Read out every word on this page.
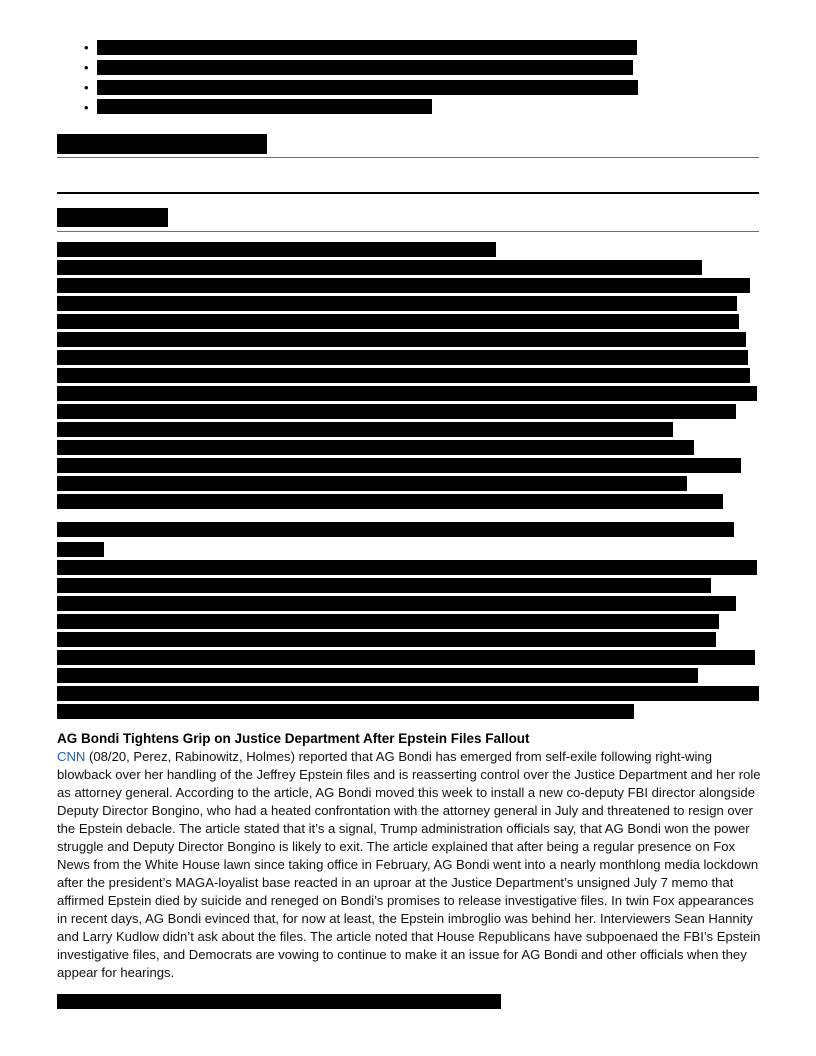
•
•
•
•
AG Bondi Tightens Grip on Justice Department After Epstein Files Fallout

CNN (08/20, Perez, Rabinowitz, Holmes) reported that AG Bondi has emerged from self-exile following right-wing blowback over her handling of the Jeffrey Epstein files and is reasserting control over the Justice Department and her role as attorney general. According to the article, AG Bondi moved this week to install a new co-deputy FBI director alongside Deputy Director Bongino, who had a heated confrontation with the attorney general in July and threatened to resign over the Epstein debacle. The article stated that it’s a signal, Trump administration officials say, that AG Bondi won the power struggle and Deputy Director Bongino is likely to exit. The article explained that after being a regular presence on Fox News from the White House lawn since taking office in February, AG Bondi went into a nearly monthlong media lockdown after the president’s MAGA-loyalist base reacted in an uproar at the Justice Department’s unsigned July 7 memo that affirmed Epstein died by suicide and reneged on Bondi’s promises to release investigative files. In twin Fox appearances in recent days, AG Bondi evinced that, for now at least, the Epstein imbroglio was behind her. Interviewers Sean Hannity and Larry Kudlow didn’t ask about the files. The article noted that House Republicans have subpoenaed the FBI’s Epstein investigative files, and Democrats are vowing to continue to make it an issue for AG Bondi and other officials when they appear for hearings.
